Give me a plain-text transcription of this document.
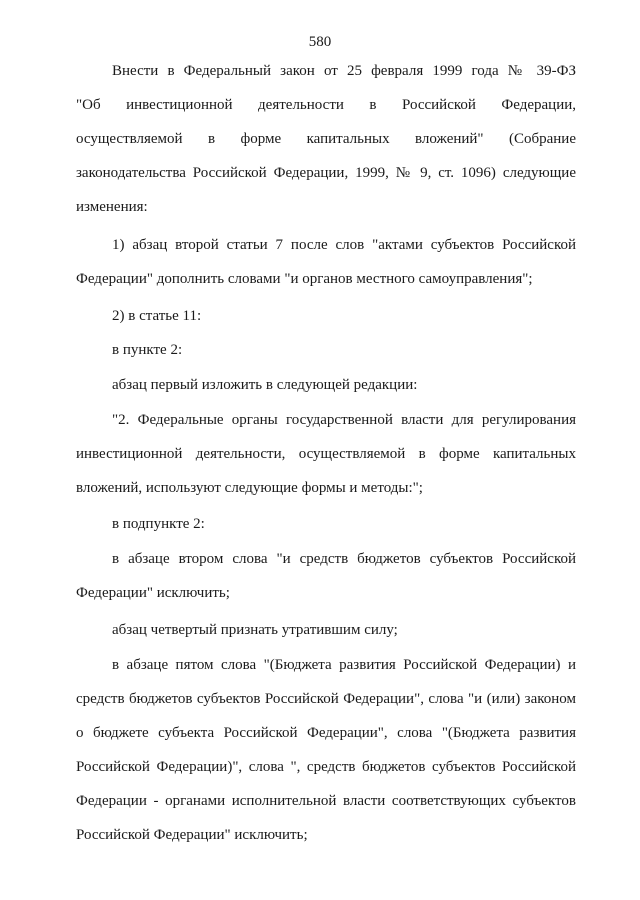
580
Внести в Федеральный закон от 25 февраля 1999 года № 39-ФЗ
"Об инвестиционной деятельности в Российской Федерации,
осуществляемой в форме капитальных вложений" (Собрание
законодательства Российской Федерации, 1999, № 9, ст. 1096) следующие
изменения:
1) абзац второй статьи 7 после слов "актами субъектов Российской
Федерации" дополнить словами "и органов местного самоуправления";
2) в статье 11:
в пункте 2:
абзац первый изложить в следующей редакции:
"2. Федеральные органы государственной власти для регулирования
инвестиционной деятельности, осуществляемой в форме капитальных
вложений, используют следующие формы и методы:";
в подпункте 2:
в абзаце втором слова "и средств бюджетов субъектов Российской
Федерации" исключить;
абзац четвертый признать утратившим силу;
в абзаце пятом слова "(Бюджета развития Российской Федерации) и
средств бюджетов субъектов Российской Федерации", слова "и (или) законом
о бюджете субъекта Российской Федерации", слова "(Бюджета развития
Российской Федерации)", слова ", средств бюджетов субъектов Российской
Федерации - органами исполнительной власти соответствующих субъектов
Российской Федерации" исключить;
